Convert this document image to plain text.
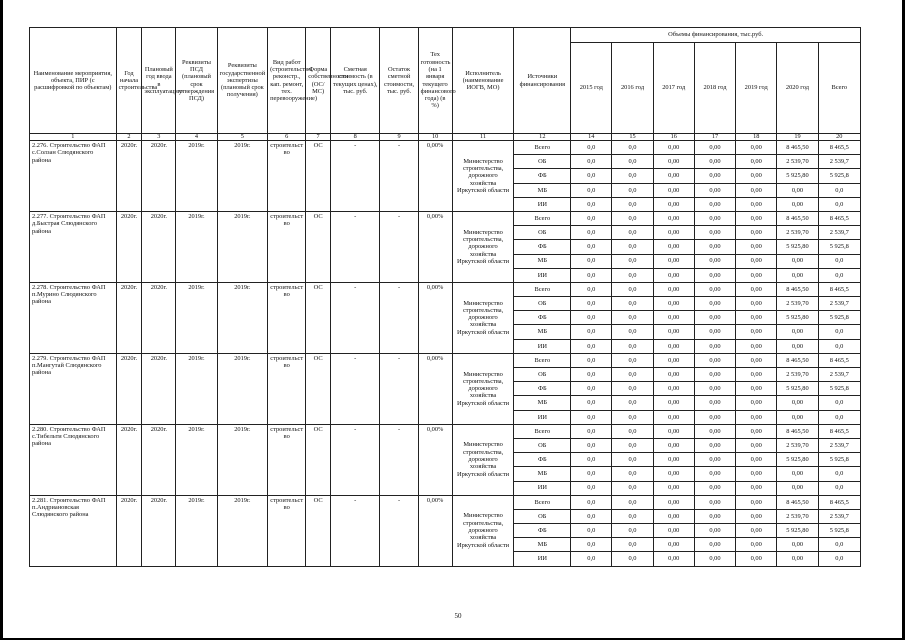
Наименование мероприятия, объекта, ПИР (с расшифровкой по объектам)	Год начала строительства	Плановый год ввода в эксплуатацию	Реквизиты ПСД (плановый срок утверждения ПСД)	Реквизиты государственной экспертизы (плановый срок получения)	Вид работ (строительство, реконстр., кап. ремонт, тех. перевооружение)	Форма собственности (ОС/МС)	Сметная стоимость (в текущих ценах), тыс. руб.	Остаток сметной стоимости, тыс. руб.	Тех готовность (на 1 января текущего финансового года) (в %)	Исполнитель (наименование ИОГВ, МО)	Источники финансирования	Объемы финансирования, тыс.руб.						
												2015 год	2016 год	2017 год	2018 год	2019 год	2020 год	Всего
1	2	3	4	5	6	7	8	9	10	11	12	14	15	16	17	18	19	20
2.276. Строительство ФАП с.Солзан Слюдянского района	2020г.	2020г.	2019г.	2019г.	строительство	ОС	-	-	0,00%	Министерство строительства, дорожного хозяйства Иркутской области	Всего	0,0	0,0	0,00	0,00	0,00	8 465,50	8 465,5
											ОБ	0,0	0,0	0,00	0,00	0,00	2 539,70	2 539,7
											ФБ	0,0	0,0	0,00	0,00	0,00	5 925,80	5 925,8
											МБ	0,0	0,0	0,00	0,00	0,00	0,00	0,0
											ИИ	0,0	0,0	0,00	0,00	0,00	0,00	0,0
2.277. Строительство ФАП д.Быстрая Слюдянского района	2020г.	2020г.	2019г.	2019г.	строительство	ОС	-	-	0,00%	Министерство строительства, дорожного хозяйства Иркутской области	Всего	0,0	0,0	0,00	0,00	0,00	8 465,50	8 465,5
											ОБ	0,0	0,0	0,00	0,00	0,00	2 539,70	2 539,7
											ФБ	0,0	0,0	0,00	0,00	0,00	5 925,80	5 925,8
											МБ	0,0	0,0	0,00	0,00	0,00	0,00	0,0
											ИИ	0,0	0,0	0,00	0,00	0,00	0,00	0,0
2.278. Строительство ФАП п.Мурино Слюдянского района	2020г.	2020г.	2019г.	2019г.	строительство	ОС	-	-	0,00%	Министерство строительства, дорожного хозяйства Иркутской области	Всего	0,0	0,0	0,00	0,00	0,00	8 465,50	8 465,5
											ОБ	0,0	0,0	0,00	0,00	0,00	2 539,70	2 539,7
											ФБ	0,0	0,0	0,00	0,00	0,00	5 925,80	5 925,8
											МБ	0,0	0,0	0,00	0,00	0,00	0,00	0,0
											ИИ	0,0	0,0	0,00	0,00	0,00	0,00	0,0
2.279. Строительство ФАП п.Мангутай Слюдянского района	2020г.	2020г.	2019г.	2019г.	строительство	ОС	-	-	0,00%	Министерство строительства, дорожного хозяйства Иркутской области	Всего	0,0	0,0	0,00	0,00	0,00	8 465,50	8 465,5
											ОБ	0,0	0,0	0,00	0,00	0,00	2 539,70	2 539,7
											ФБ	0,0	0,0	0,00	0,00	0,00	5 925,80	5 925,8
											МБ	0,0	0,0	0,00	0,00	0,00	0,00	0,0
											ИИ	0,0	0,0	0,00	0,00	0,00	0,00	0,0
2.280. Строительство ФАП с.Тибельти Слюдянского района	2020г.	2020г.	2019г.	2019г.	строительство	ОС	-	-	0,00%	Министерство строительства, дорожного хозяйства Иркутской области	Всего	0,0	0,0	0,00	0,00	0,00	8 465,50	8 465,5
											ОБ	0,0	0,0	0,00	0,00	0,00	2 539,70	2 539,7
											ФБ	0,0	0,0	0,00	0,00	0,00	5 925,80	5 925,8
											МБ	0,0	0,0	0,00	0,00	0,00	0,00	0,0
											ИИ	0,0	0,0	0,00	0,00	0,00	0,00	0,0
2.281. Строительство ФАП п.Андриановская Слюдянского района	2020г.	2020г.	2019г.	2019г.	строительство	ОС	-	-	0,00%	Министерство строительства, дорожного хозяйства Иркутской области	Всего	0,0	0,0	0,00	0,00	0,00	8 465,50	8 465,5
											ОБ	0,0	0,0	0,00	0,00	0,00	2 539,70	2 539,7
											ФБ	0,0	0,0	0,00	0,00	0,00	5 925,80	5 925,8
											МБ	0,0	0,0	0,00	0,00	0,00	0,00	0,0
											ИИ	0,0	0,0	0,00	0,00	0,00	0,00	0,0
50
